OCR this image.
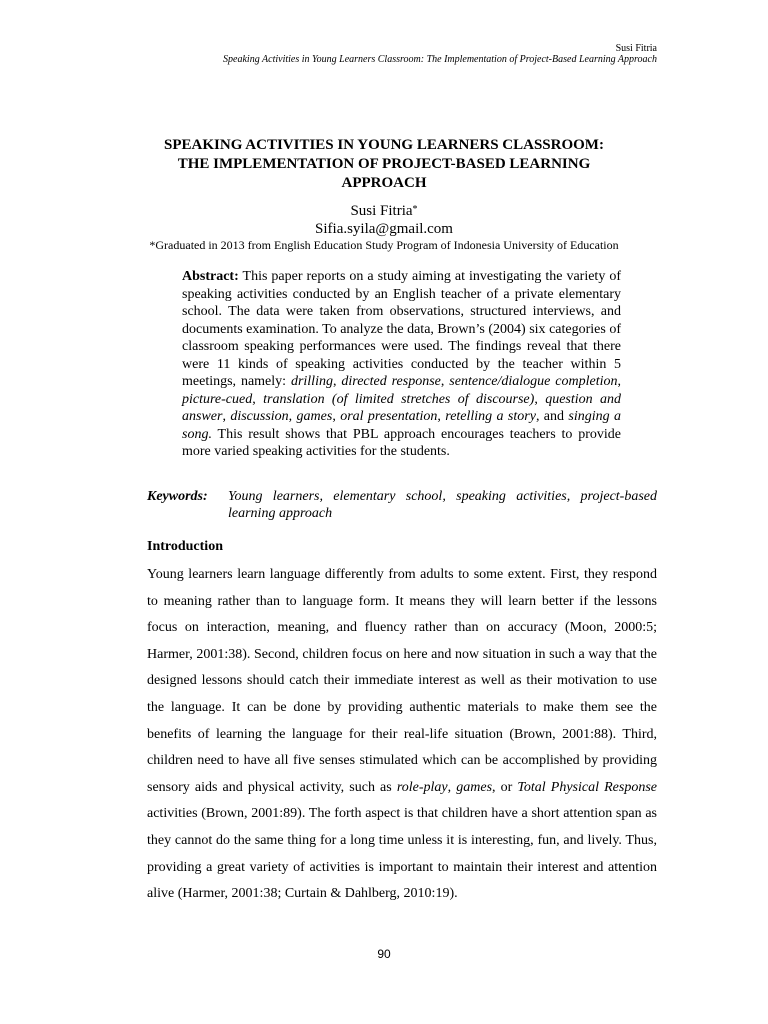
Susi Fitria
Speaking Activities in Young Learners Classroom: The Implementation of Project-Based Learning Approach
SPEAKING ACTIVITIES IN YOUNG LEARNERS CLASSROOM:
THE IMPLEMENTATION OF PROJECT-BASED LEARNING
APPROACH
Susi Fitria*
Sifia.syila@gmail.com
*Graduated in 2013 from English Education Study Program of Indonesia University of Education
Abstract: This paper reports on a study aiming at investigating the variety of speaking activities conducted by an English teacher of a private elementary school. The data were taken from observations, structured interviews, and documents examination. To analyze the data, Brown’s (2004) six categories of classroom speaking performances were used. The findings reveal that there were 11 kinds of speaking activities conducted by the teacher within 5 meetings, namely: drilling, directed response, sentence/dialogue completion, picture-cued, translation (of limited stretches of discourse), question and answer, discussion, games, oral presentation, retelling a story, and singing a song. This result shows that PBL approach encourages teachers to provide more varied speaking activities for the students.
Keywords: Young learners, elementary school, speaking activities, project-based learning approach
Introduction
Young learners learn language differently from adults to some extent. First, they respond to meaning rather than to language form. It means they will learn better if the lessons focus on interaction, meaning, and fluency rather than on accuracy (Moon, 2000:5; Harmer, 2001:38). Second, children focus on here and now situation in such a way that the designed lessons should catch their immediate interest as well as their motivation to use the language. It can be done by providing authentic materials to make them see the benefits of learning the language for their real-life situation (Brown, 2001:88). Third, children need to have all five senses stimulated which can be accomplished by providing sensory aids and physical activity, such as role-play, games, or Total Physical Response activities (Brown, 2001:89). The forth aspect is that children have a short attention span as they cannot do the same thing for a long time unless it is interesting, fun, and lively. Thus, providing a great variety of activities is important to maintain their interest and attention alive (Harmer, 2001:38; Curtain & Dahlberg, 2010:19).
90
